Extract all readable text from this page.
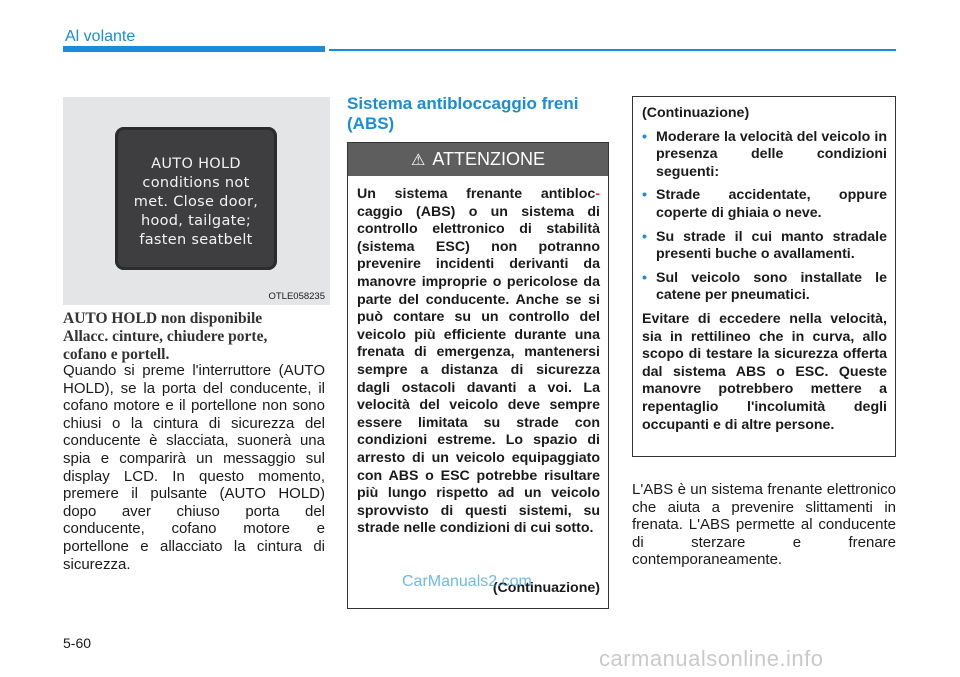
Al volante
AUTO HOLD
conditions not
met. Close door,
hood, tailgate;
fasten seatbelt
OTLE058235
AUTO HOLD non disponibile
Allacc. cinture, chiudere porte,
cofano e portell.
Quando si preme l'interruttore (AUTO HOLD), se la porta del conducente, il cofano motore e il portellone non sono chiusi o la cintura di sicurezza del conducente è slacciata, suonerà una spia e comparirà un messaggio sul display LCD. In questo momento, premere il pulsante (AUTO HOLD) dopo aver chiuso porta del conducente, cofano motore e portellone e allacciato la cintura di sicurezza.
Sistema antibloccaggio freni
(ABS)
⚠ ATTENZIONE
Un sistema frenante antibloc-caggio (ABS) o un sistema di controllo elettronico di stabilità (sistema ESC) non potranno prevenire incidenti derivanti da manovre improprie o pericolose da parte del conducente. Anche se si può contare su un controllo del veicolo più efficiente durante una frenata di emergenza, mantenersi sempre a distanza di sicurezza dagli ostacoli davanti a voi. La velocità del veicolo deve sempre essere limitata su strade con condizioni estreme. Lo spazio di arresto di un veicolo equipaggiato con ABS o ESC potrebbe risultare più lungo rispetto ad un veicolo sprovvisto di questi sistemi, su strade nelle condizioni di cui sotto.
(Continuazione)
CarManuals2.com

(Continuazione)

• Moderare la velocità del veicolo in presenza delle condizioni seguenti:
• Strade accidentate, oppure coperte di ghiaia o neve.
• Su strade il cui manto stradale presenti buche o avallamenti.
• Sul veicolo sono installate le catene per pneumatici.
Evitare di eccedere nella velocità, sia in rettilineo che in curva, allo scopo di testare la sicurezza offerta dal sistema ABS o ESC. Queste manovre potrebbero mettere a repentaglio l'incolumità degli occupanti e di altre persone.
L'ABS è un sistema frenante elettronico che aiuta a prevenire slittamenti in frenata. L'ABS permette al conducente di sterzare e frenare contemporaneamente.
5-60
carmanualsonline.info
